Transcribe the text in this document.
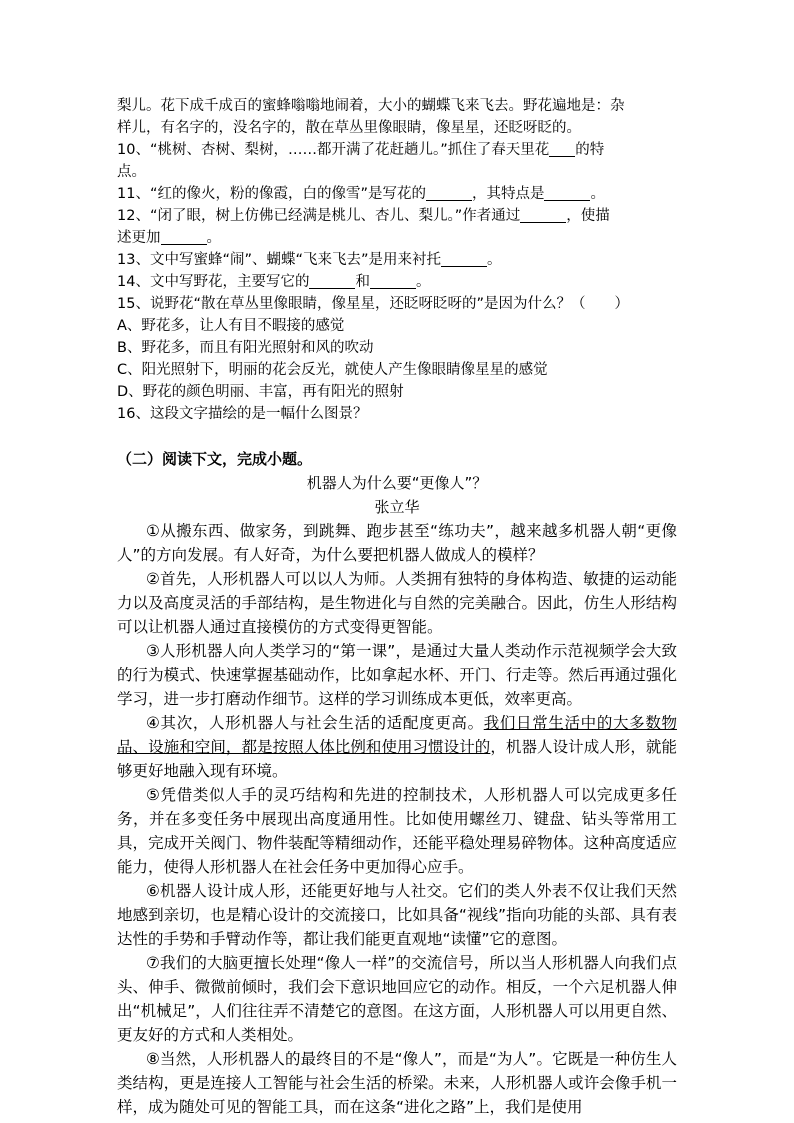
梨儿。花下成千成百的蜜蜂嗡嗡地闹着，大小的蝴蝶飞来飞去。野花遍地是：杂
样儿，有名字的，没名字的，散在草丛里像眼睛，像星星，还眨呀眨的。
10、“桃树、杏树、梨树，……都开满了花赶趟儿。”抓住了春天里花 的特
点。
11、“红的像火，粉的像霞，白的像雪”是写花的	，其特点是	。
12、“闭了眼，树上仿佛已经满是桃儿、杏儿、梨儿。”作者通过	，使描
述更加	。
13、文中写蜜蜂“闹”、蝴蝶“飞来飞去”是用来衬托	。
14、文中写野花，主要写它的	和	。
15、说野花“散在草丛里像眼睛，像星星，还眨呀眨呀的”是因为什么？（　　）
A、野花多，让人有目不暇接的感觉
B、野花多，而且有阳光照射和风的吹动
C、阳光照射下，明丽的花会反光，就使人产生像眼睛像星星的感觉
D、野花的颜色明丽、丰富，再有阳光的照射
16、这段文字描绘的是一幅什么图景？
（二）阅读下文，完成小题。
机器人为什么要“更像人”？
张立华
①从搬东西、做家务，到跳舞、跑步甚至“练功夫”，越来越多机器人朝“更像人”的方向发展。有人好奇，为什么要把机器人做成人的模样？
②首先，人形机器人可以以人为师。人类拥有独特的身体构造、敏捷的运动能力以及高度灵活的手部结构，是生物进化与自然的完美融合。因此，仿生人形结构可以让机器人通过直接模仿的方式变得更智能。
③人形机器人向人类学习的“第一课”，是通过大量人类动作示范视频学会大致的行为模式、快速掌握基础动作，比如拿起水杯、开门、行走等。然后再通过强化学习，进一步打磨动作细节。这样的学习训练成本更低，效率更高。
④其次，人形机器人与社会生活的适配度更高。我们日常生活中的大多数物品、设施和空间，都是按照人体比例和使用习惯设计的，机器人设计成人形，就能够更好地融入现有环境。
⑤凭借类似人手的灵巧结构和先进的控制技术，人形机器人可以完成更多任务，并在多变任务中展现出高度通用性。比如使用螺丝刀、键盘、钻头等常用工具，完成开关阀门、物件装配等精细动作，还能平稳处理易碎物体。这种高度适应能力，使得人形机器人在社会任务中更加得心应手。
⑥机器人设计成人形，还能更好地与人社交。它们的类人外表不仅让我们天然地感到亲切，也是精心设计的交流接口，比如具备“视线”指向功能的头部、具有表达性的手势和手臂动作等，都让我们能更直观地“读懂”它的意图。
⑦我们的大脑更擅长处理“像人一样”的交流信号，所以当人形机器人向我们点头、伸手、微微前倾时，我们会下意识地回应它的动作。相反，一个六足机器人伸出“机械足”，人们往往弄不清楚它的意图。在这方面，人形机器人可以用更自然、更友好的方式和人类相处。
⑧当然，人形机器人的最终目的不是“像人”，而是“为人”。它既是一种仿生人类结构，更是连接人工智能与社会生活的桥梁。未来，人形机器人或许会像手机一样，成为随处可见的智能工具，而在这条“进化之路”上，我们是使用
